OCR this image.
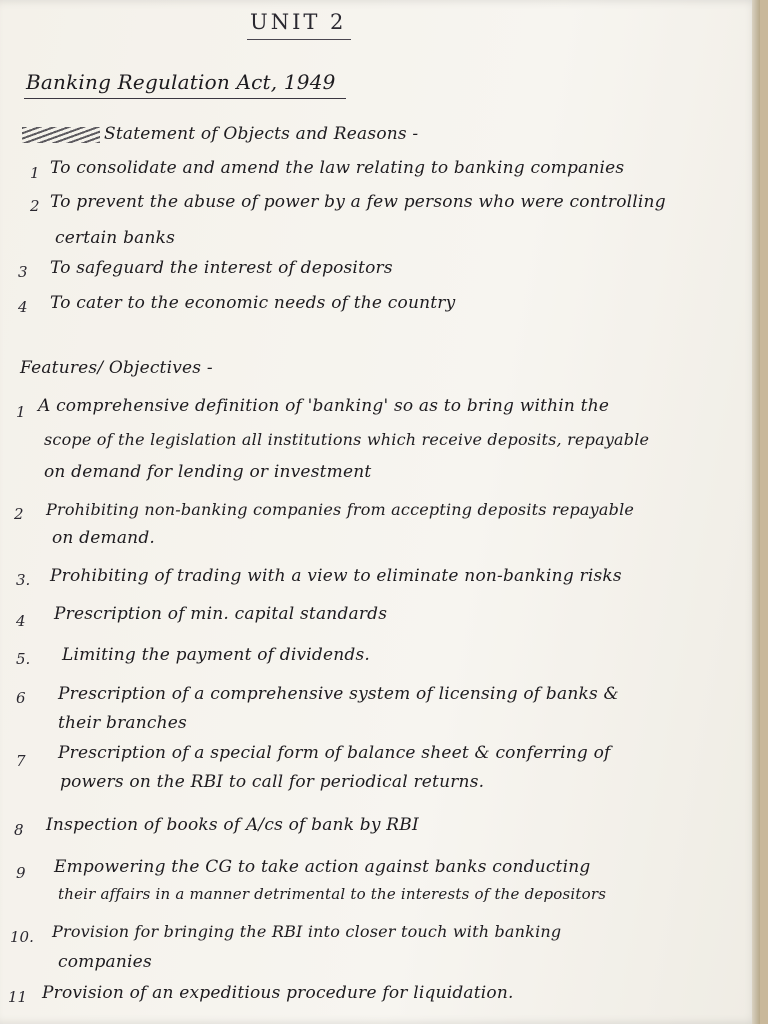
UNIT 2
Banking Regulation Act, 1949
Statement of Objects and Reasons -
1 To consolidate and amend the law relating to banking companies
2 To prevent the abuse of power by a few persons who were controlling
certain banks
3 To safeguard the interest of depositors
4 To cater to the economic needs of the country
Features/ Objectives -
1 A comprehensive definition of 'banking' so as to bring within the
scope of the legislation all institutions which receive deposits, repayable
on demand for lending or investment
2 Prohibiting non-banking companies from accepting deposits repayable
on demand.
3. Prohibiting of trading with a view to eliminate non-banking risks
4 Prescription of min. capital standards
5. Limiting the payment of dividends.
6 Prescription of a comprehensive system of licensing of banks &
their branches
7 Prescription of a special form of balance sheet & conferring of
powers on the RBI to call for periodical returns.
8 Inspection of books of A/cs of bank by RBI
9 Empowering the CG to take action against banks conducting
their affairs in a manner detrimental to the interests of the depositors
10. Provision for bringing the RBI into closer touch with banking
companies
11 Provision of an expeditious procedure for liquidation.
